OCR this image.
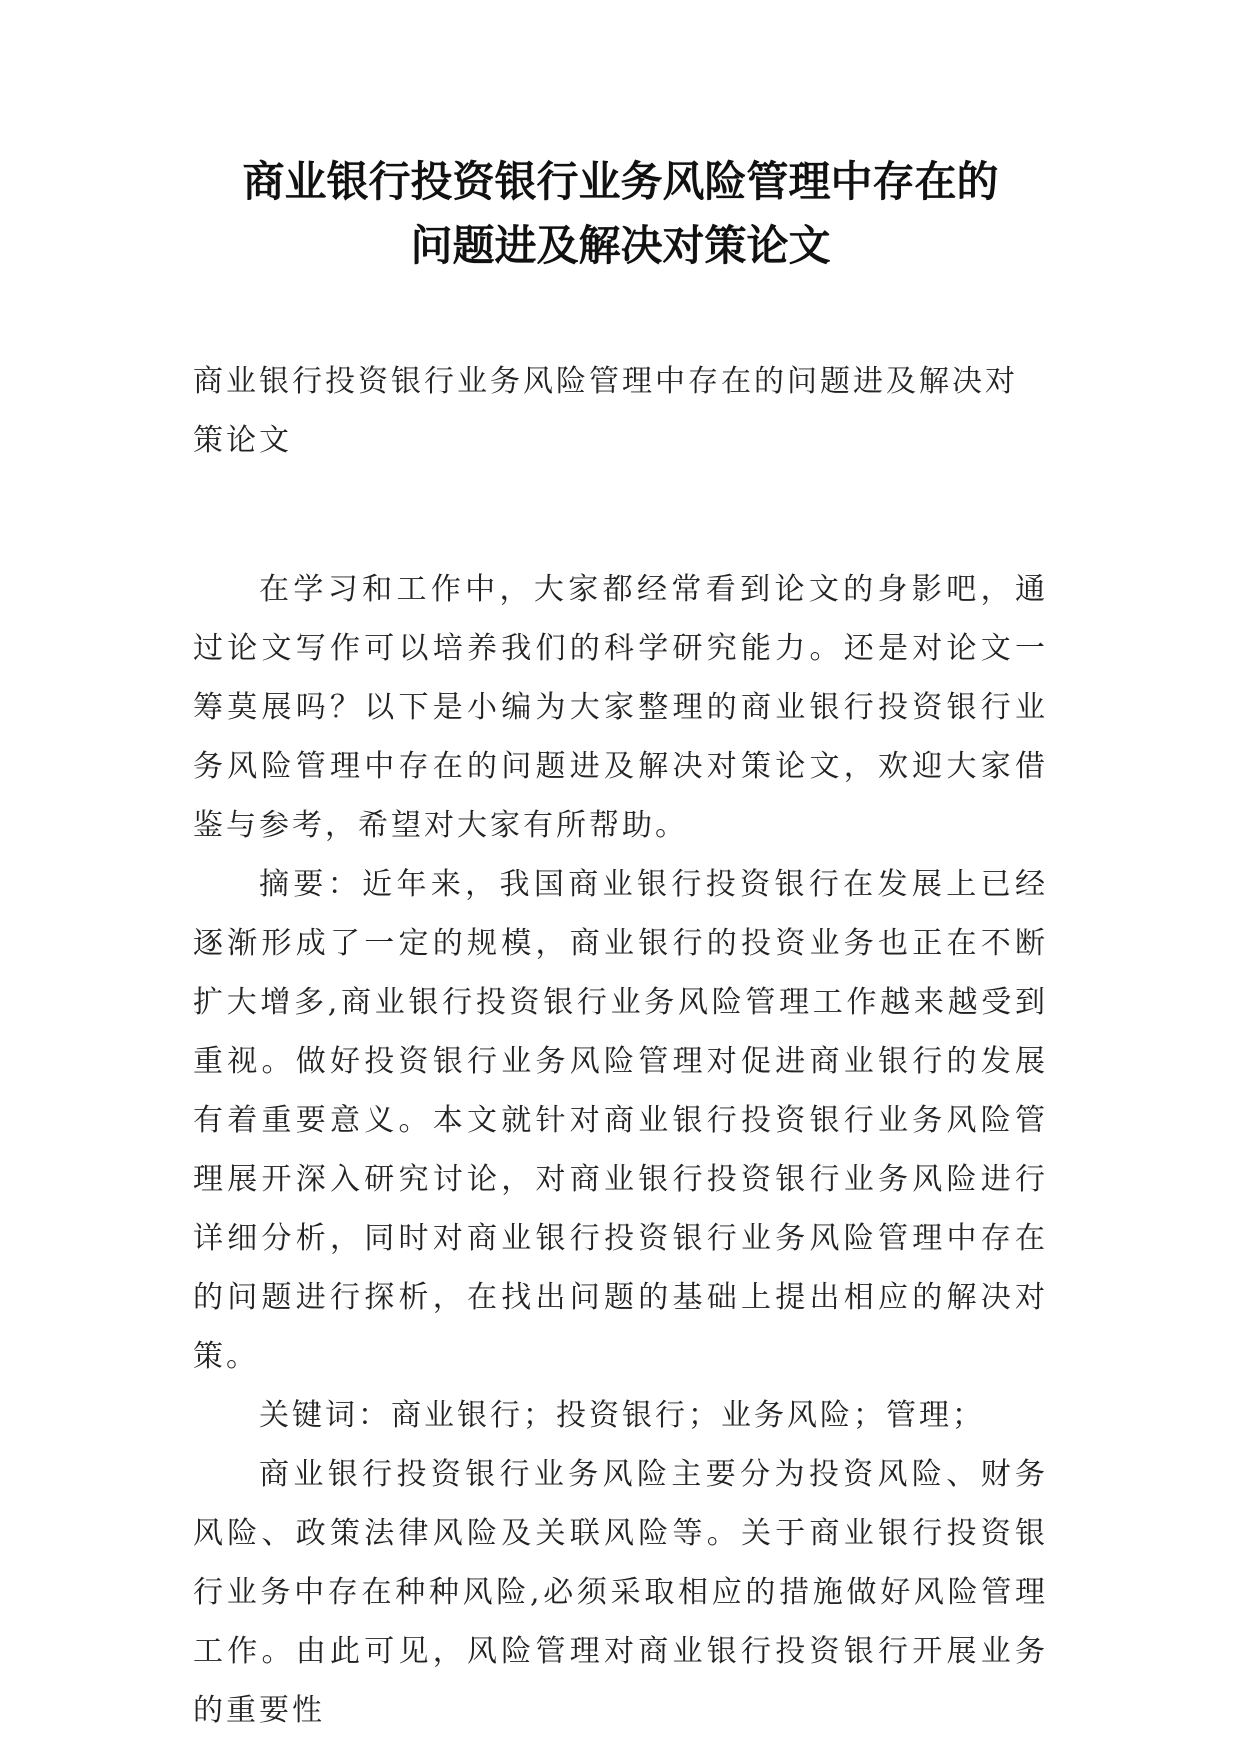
商业银行投资银行业务风险管理中存在的
问题进及解决对策论文

商业银行投资银行业务风险管理中存在的问题进及解决对策论文

在学习和工作中，大家都经常看到论文的身影吧，通过论文写作可以培养我们的科学研究能力。还是对论文一筹莫展吗？以下是小编为大家整理的商业银行投资银行业务风险管理中存在的问题进及解决对策论文，欢迎大家借鉴与参考，希望对大家有所帮助。

摘要：近年来，我国商业银行投资银行在发展上已经逐渐形成了一定的规模，商业银行的投资业务也正在不断扩大增多,商业银行投资银行业务风险管理工作越来越受到重视。做好投资银行业务风险管理对促进商业银行的发展有着重要意义。本文就针对商业银行投资银行业务风险管理展开深入研究讨论，对商业银行投资银行业务风险进行详细分析，同时对商业银行投资银行业务风险管理中存在的问题进行探析，在找出问题的基础上提出相应的解决对策。

关键词：商业银行；投资银行；业务风险；管理；

商业银行投资银行业务风险主要分为投资风险、财务风险、政策法律风险及关联风险等。关于商业银行投资银行业务中存在种种风险,必须采取相应的措施做好风险管理工作。由此可见，风险管理对商业银行投资银行开展业务的重要性
